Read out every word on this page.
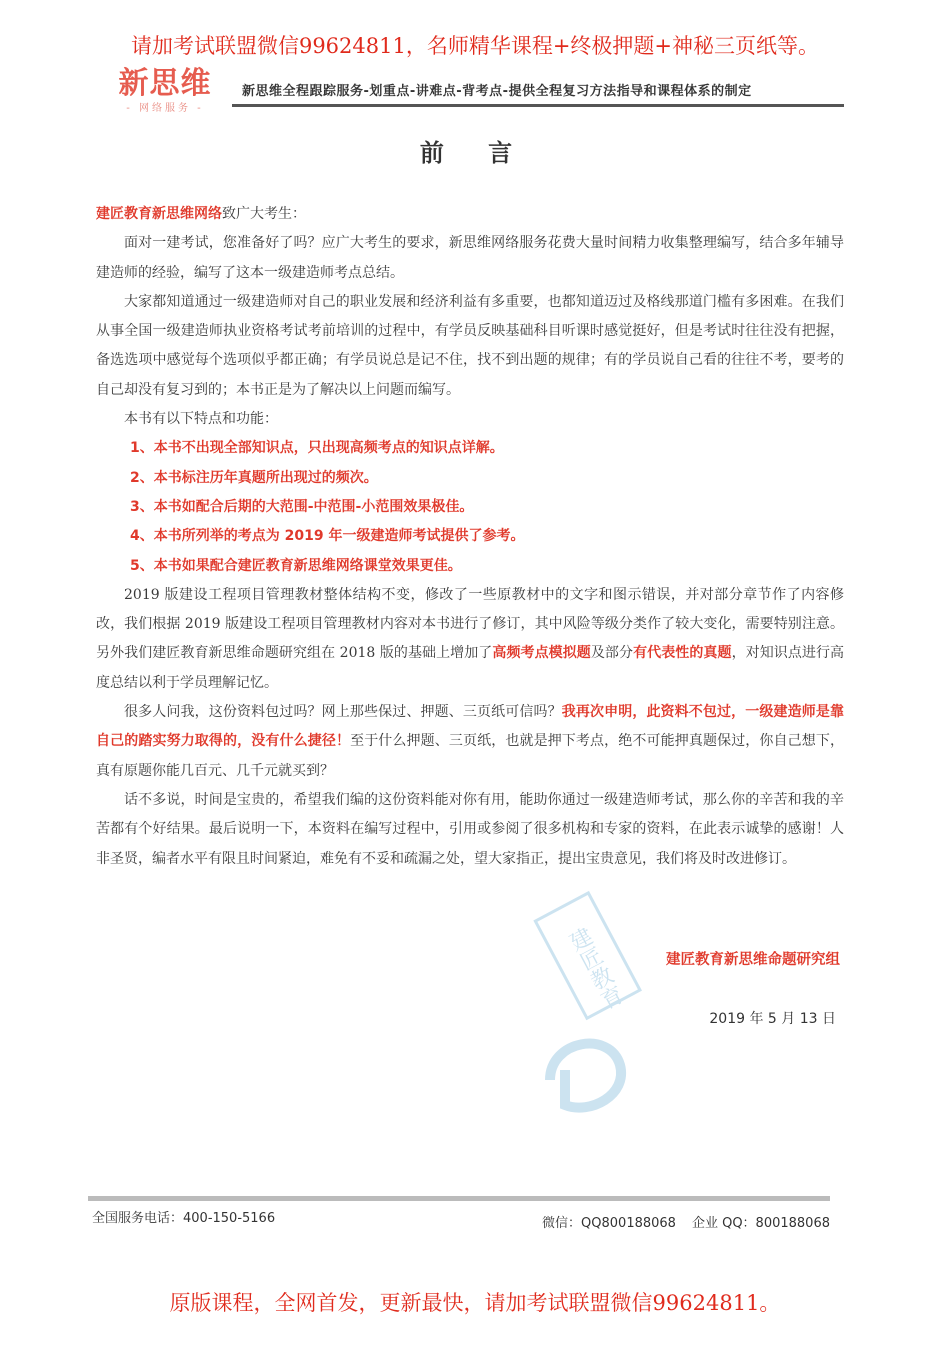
请加考试联盟微信99624811，名师精华课程+终极押题+神秘三页纸等。
新思维
- 网络服务 -
新思维全程跟踪服务-划重点-讲难点-背考点-提供全程复习方法指导和课程体系的制定
前 言

建匠教育新思维网络致广大考生：

面对一建考试，您准备好了吗？应广大考生的要求，新思维网络服务花费大量时间精力收集整理编写，结合多年辅导建造师的经验，编写了这本一级建造师考点总结。

大家都知道通过一级建造师对自己的职业发展和经济利益有多重要，也都知道迈过及格线那道门槛有多困难。在我们从事全国一级建造师执业资格考试考前培训的过程中，有学员反映基础科目听课时感觉挺好，但是考试时往往没有把握，备选选项中感觉每个选项似乎都正确；有学员说总是记不住，找不到出题的规律；有的学员说自己看的往往不考，要考的自己却没有复习到的；本书正是为了解决以上问题而编写。

本书有以下特点和功能：

1、本书不出现全部知识点，只出现高频考点的知识点详解。

2、本书标注历年真题所出现过的频次。

3、本书如配合后期的大范围-中范围-小范围效果极佳。

4、本书所列举的考点为 2019 年一级建造师考试提供了参考。

5、本书如果配合建匠教育新思维网络课堂效果更佳。

2019 版建设工程项目管理教材整体结构不变，修改了一些原教材中的文字和图示错误，并对部分章节作了内容修改，我们根据 2019 版建设工程项目管理教材内容对本书进行了修订，其中风险等级分类作了较大变化，需要特别注意。另外我们建匠教育新思维命题研究组在 2018 版的基础上增加了高频考点模拟题及部分有代表性的真题，对知识点进行高度总结以利于学员理解记忆。

很多人问我，这份资料包过吗？网上那些保过、押题、三页纸可信吗？我再次申明，此资料不包过，一级建造师是靠自己的踏实努力取得的，没有什么捷径！至于什么押题、三页纸，也就是押下考点，绝不可能押真题保过，你自己想下，真有原题你能几百元、几千元就买到？

话不多说，时间是宝贵的，希望我们编的这份资料能对你有用，能助你通过一级建造师考试，那么你的辛苦和我的辛苦都有个好结果。最后说明一下，本资料在编写过程中，引用或参阅了很多机构和专家的资料，在此表示诚挚的感谢！人非圣贤，编者水平有限且时间紧迫，难免有不妥和疏漏之处，望大家指正，提出宝贵意见，我们将及时改进修订。

建匠教育	建匠教育新思维命题研究组
2019 年 5 月 13 日
全国服务电话：400-150-5166	微信：QQ800188068 企业 QQ：800188068
原版课程，全网首发，更新最快，请加考试联盟微信99624811。
